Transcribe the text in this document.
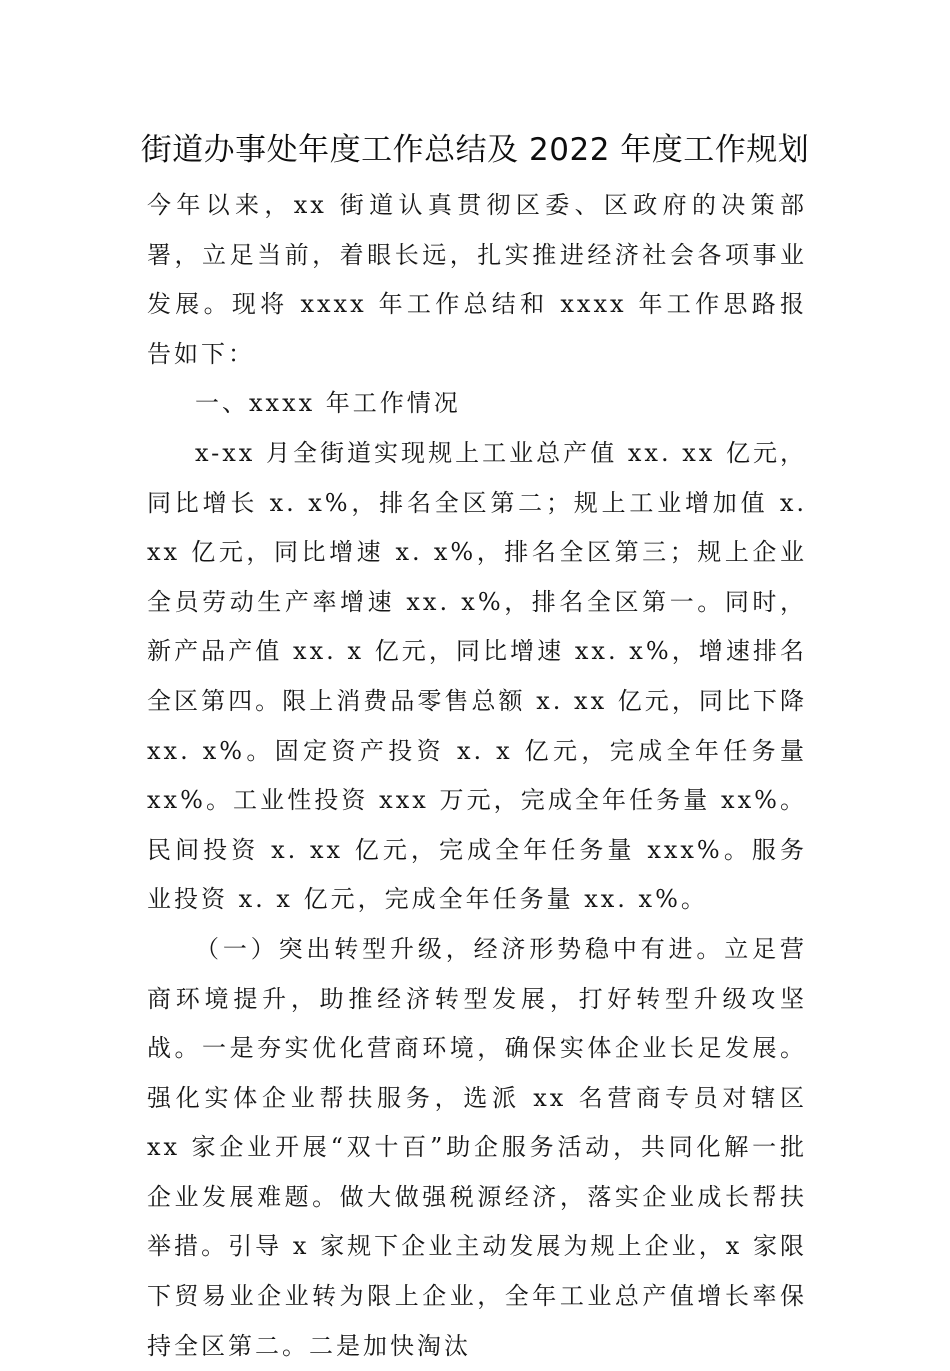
街道办事处年度工作总结及 2022 年度工作规划

今年以来，xx 街道认真贯彻区委、区政府的决策部署，立足当前，着眼长远，扎实推进经济社会各项事业发展。现将 xxxx 年工作总结和 xxxx 年工作思路报告如下：

一、xxxx 年工作情况

x-xx 月全街道实现规上工业总产值 xx. xx 亿元，同比增长 x. x%，排名全区第二；规上工业增加值 x. xx 亿元，同比增速 x. x%，排名全区第三；规上企业全员劳动生产率增速 xx. x%，排名全区第一。同时，新产品产值 xx. x 亿元，同比增速 xx. x%，增速排名全区第四。限上消费品零售总额 x. xx 亿元，同比下降 xx. x%。固定资产投资 x. x 亿元，完成全年任务量 xx%。工业性投资 xxx 万元，完成全年任务量 xx%。民间投资 x. xx 亿元，完成全年任务量 xxx%。服务业投资 x. x 亿元，完成全年任务量 xx. x%。

（一）突出转型升级，经济形势稳中有进。立足营商环境提升，助推经济转型发展，打好转型升级攻坚战。一是夯实优化营商环境，确保实体企业长足发展。强化实体企业帮扶服务，选派 xx 名营商专员对辖区 xx 家企业开展“双十百”助企服务活动，共同化解一批企业发展难题。做大做强税源经济，落实企业成长帮扶举措。引导 x 家规下企业主动发展为规上企业，x 家限下贸易业企业转为限上企业，全年工业总产值增长率保持全区第二。二是加快淘汰
